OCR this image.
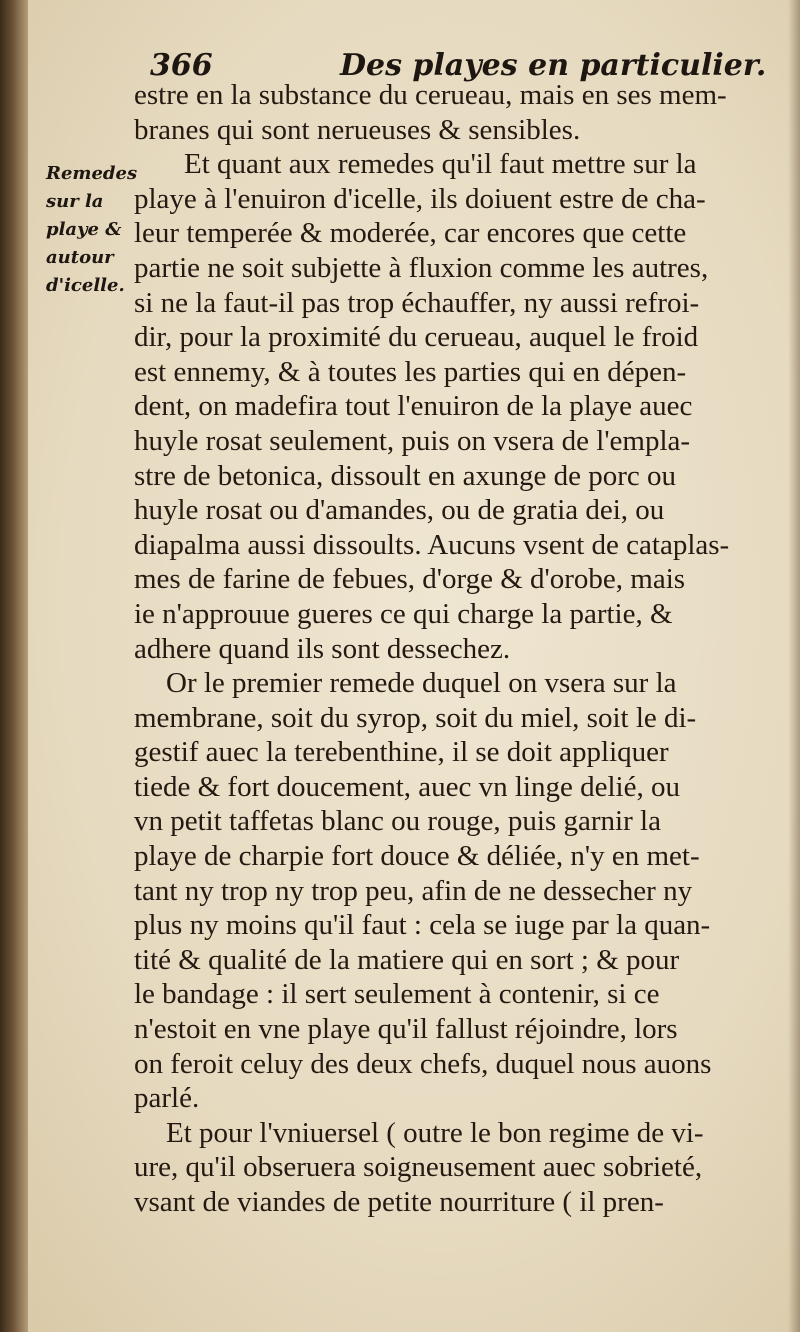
366	Des playes en particulier.
Remedes
sur la
playe &
autour
d'icelle.
estre en la substance du cerueau, mais en ses mem-
branes qui sont nerueuses & sensibles.
Et quant aux remedes qu'il faut mettre sur la
playe à l'enuiron d'icelle, ils doiuent estre de cha-
leur temperée & moderée, car encores que cette
partie ne soit subjette à fluxion comme les autres,
si ne la faut-il pas trop échauffer, ny aussi refroi-
dir, pour la proximité du cerueau, auquel le froid
est ennemy, & à toutes les parties qui en dépen-
dent, on madefira tout l'enuiron de la playe auec
huyle rosat seulement, puis on vsera de l'empla-
stre de betonica, dissoult en axunge de porc ou
huyle rosat ou d'amandes, ou de gratia dei, ou
diapalma aussi dissoults. Aucuns vsent de cataplas-
mes de farine de febues, d'orge & d'orobe, mais
ie n'approuue gueres ce qui charge la partie, &
adhere quand ils sont dessechez.
Or le premier remede duquel on vsera sur la
membrane, soit du syrop, soit du miel, soit le di-
gestif auec la terebenthine, il se doit appliquer
tiede & fort doucement, auec vn linge delié, ou
vn petit taffetas blanc ou rouge, puis garnir la
playe de charpie fort douce & déliée, n'y en met-
tant ny trop ny trop peu, afin de ne dessecher ny
plus ny moins qu'il faut : cela se iuge par la quan-
tité & qualité de la matiere qui en sort ; & pour
le bandage : il sert seulement à contenir, si ce
n'estoit en vne playe qu'il fallust réjoindre, lors
on feroit celuy des deux chefs, duquel nous auons
parlé.
Et pour l'vniuersel ( outre le bon regime de vi-
ure, qu'il obseruera soigneusement auec sobrieté,
vsant de viandes de petite nourriture ( il pren-
